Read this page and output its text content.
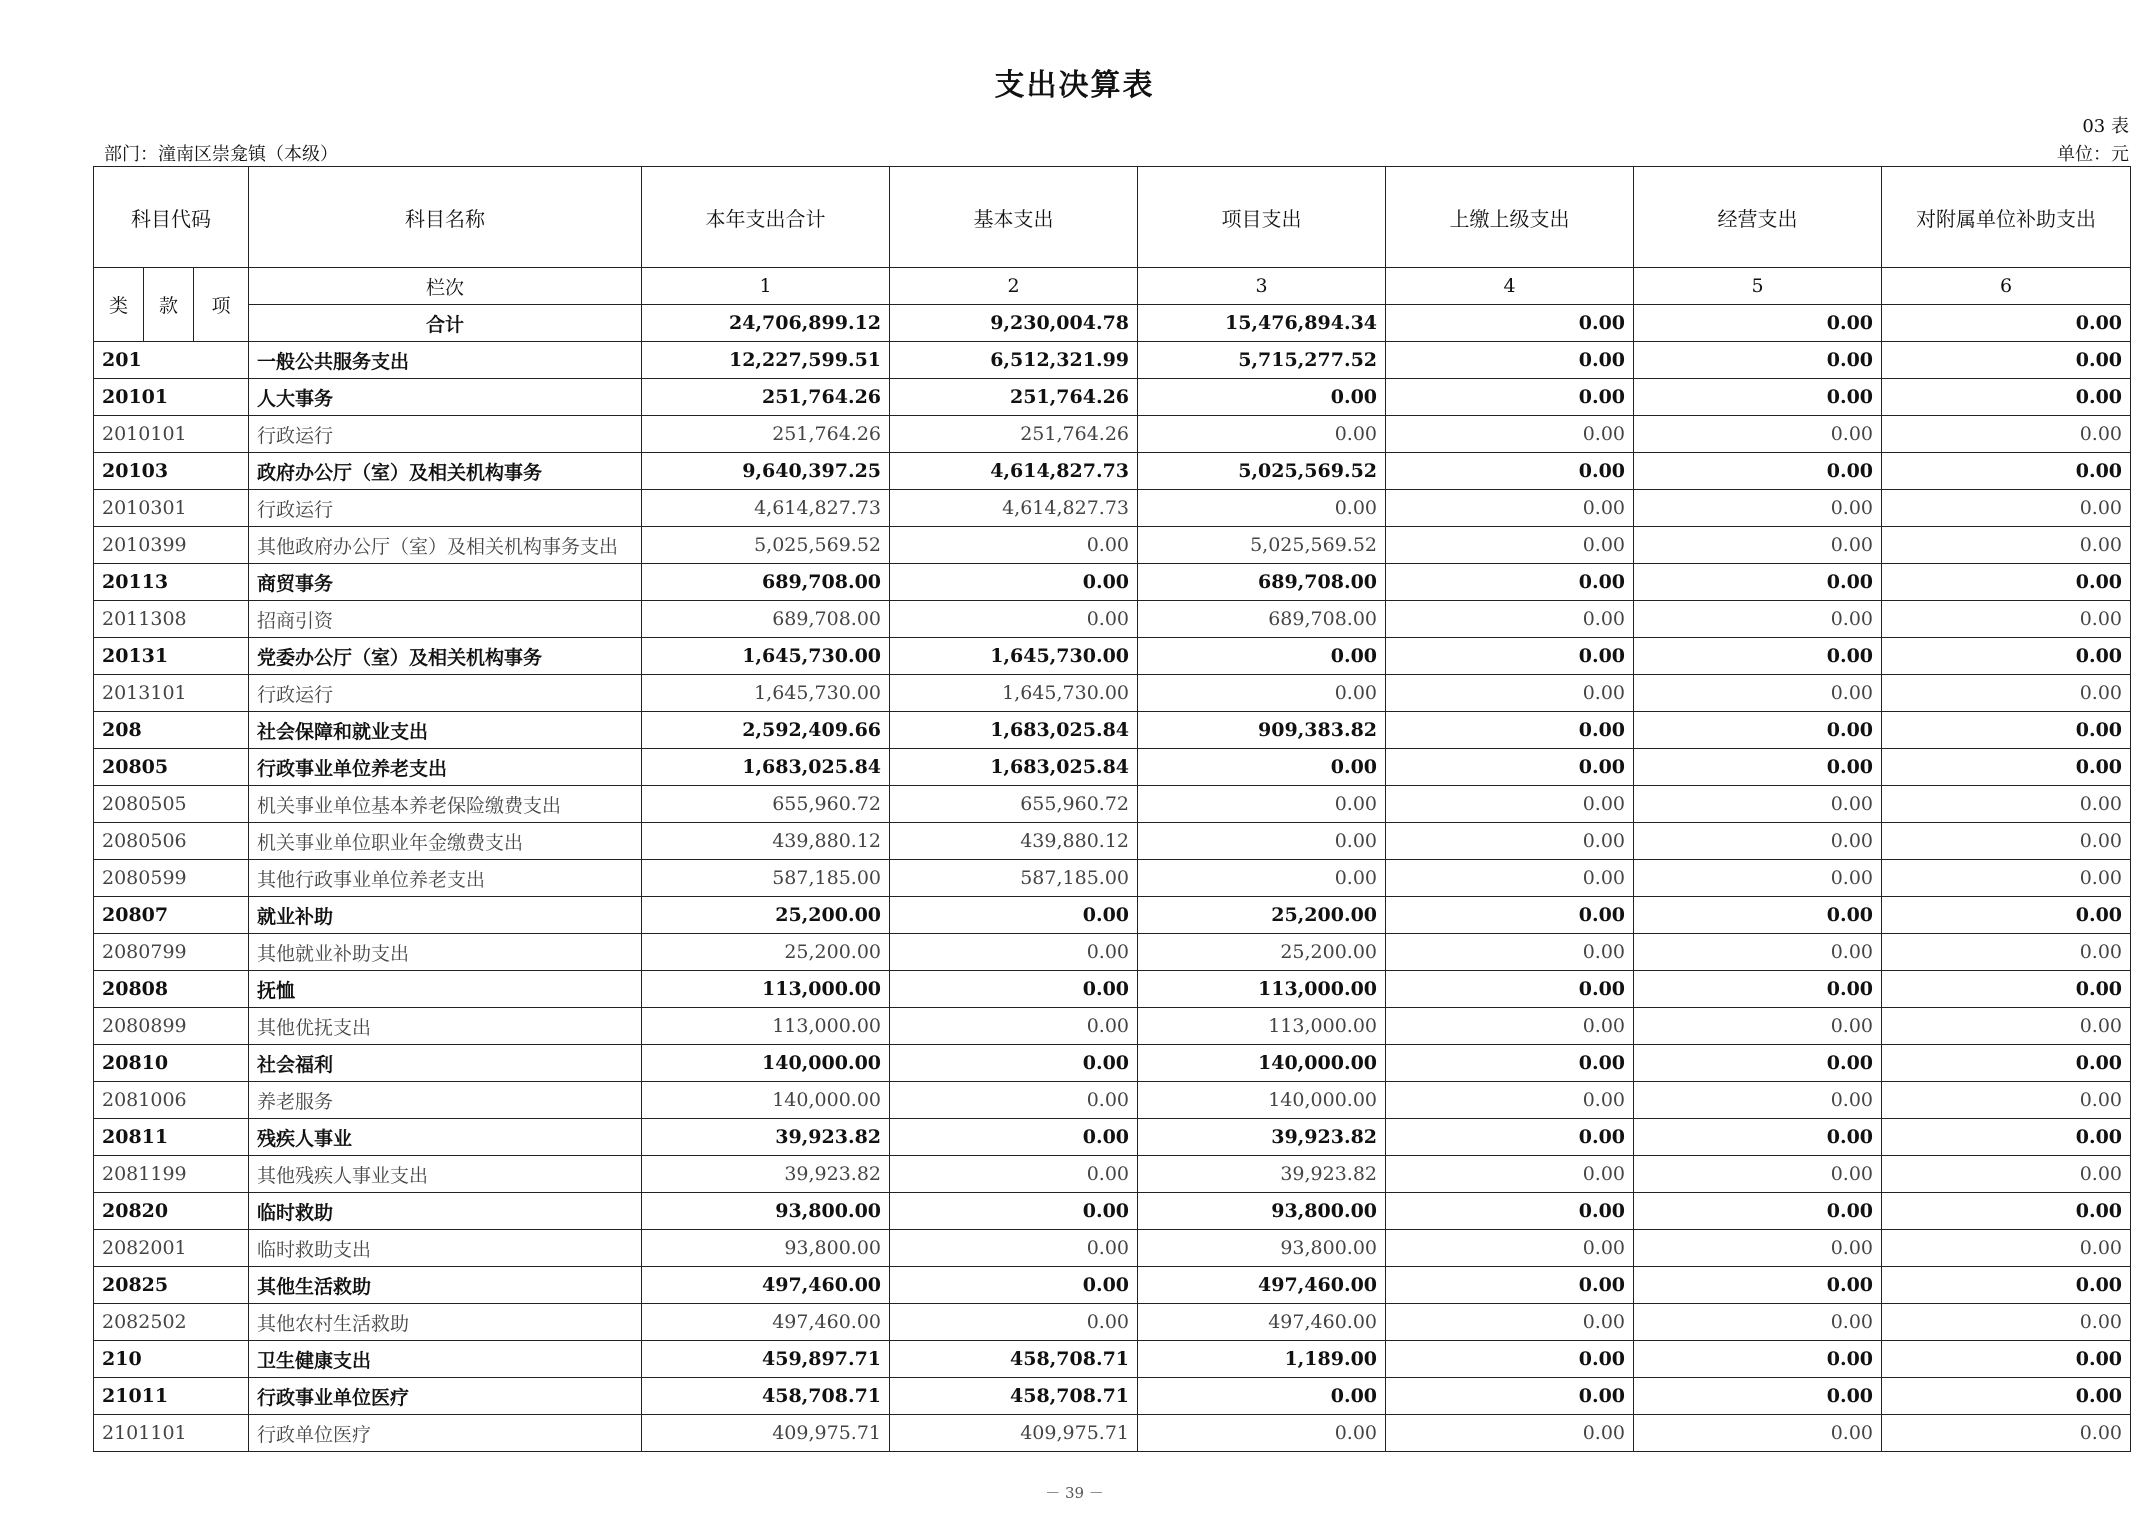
支出决算表
03 表
部门：潼南区崇龛镇（本级）	单位：元
科目代码			科目名称	本年支出合计	基本支出	项目支出	上缴上级支出	经营支出	对附属单位补助支出
类	款	项	栏次	1	2	3	4	5	6
			合计	24,706,899.12	9,230,004.78	15,476,894.34	0.00	0.00	0.00
201			一般公共服务支出	12,227,599.51	6,512,321.99	5,715,277.52	0.00	0.00	0.00
20101			人大事务	251,764.26	251,764.26	0.00	0.00	0.00	0.00
2010101			行政运行	251,764.26	251,764.26	0.00	0.00	0.00	0.00
20103			政府办公厅（室）及相关机构事务	9,640,397.25	4,614,827.73	5,025,569.52	0.00	0.00	0.00
2010301			行政运行	4,614,827.73	4,614,827.73	0.00	0.00	0.00	0.00
2010399			其他政府办公厅（室）及相关机构事务支出	5,025,569.52	0.00	5,025,569.52	0.00	0.00	0.00
20113			商贸事务	689,708.00	0.00	689,708.00	0.00	0.00	0.00
2011308			招商引资	689,708.00	0.00	689,708.00	0.00	0.00	0.00
20131			党委办公厅（室）及相关机构事务	1,645,730.00	1,645,730.00	0.00	0.00	0.00	0.00
2013101			行政运行	1,645,730.00	1,645,730.00	0.00	0.00	0.00	0.00
208			社会保障和就业支出	2,592,409.66	1,683,025.84	909,383.82	0.00	0.00	0.00
20805			行政事业单位养老支出	1,683,025.84	1,683,025.84	0.00	0.00	0.00	0.00
2080505			机关事业单位基本养老保险缴费支出	655,960.72	655,960.72	0.00	0.00	0.00	0.00
2080506			机关事业单位职业年金缴费支出	439,880.12	439,880.12	0.00	0.00	0.00	0.00
2080599			其他行政事业单位养老支出	587,185.00	587,185.00	0.00	0.00	0.00	0.00
20807			就业补助	25,200.00	0.00	25,200.00	0.00	0.00	0.00
2080799			其他就业补助支出	25,200.00	0.00	25,200.00	0.00	0.00	0.00
20808			抚恤	113,000.00	0.00	113,000.00	0.00	0.00	0.00
2080899			其他优抚支出	113,000.00	0.00	113,000.00	0.00	0.00	0.00
20810			社会福利	140,000.00	0.00	140,000.00	0.00	0.00	0.00
2081006			养老服务	140,000.00	0.00	140,000.00	0.00	0.00	0.00
20811			残疾人事业	39,923.82	0.00	39,923.82	0.00	0.00	0.00
2081199			其他残疾人事业支出	39,923.82	0.00	39,923.82	0.00	0.00	0.00
20820			临时救助	93,800.00	0.00	93,800.00	0.00	0.00	0.00
2082001			临时救助支出	93,800.00	0.00	93,800.00	0.00	0.00	0.00
20825			其他生活救助	497,460.00	0.00	497,460.00	0.00	0.00	0.00
2082502			其他农村生活救助	497,460.00	0.00	497,460.00	0.00	0.00	0.00
210			卫生健康支出	459,897.71	458,708.71	1,189.00	0.00	0.00	0.00
21011			行政事业单位医疗	458,708.71	458,708.71	0.00	0.00	0.00	0.00
2101101			行政单位医疗	409,975.71	409,975.71	0.00	0.00	0.00	0.00
－ 39 －
